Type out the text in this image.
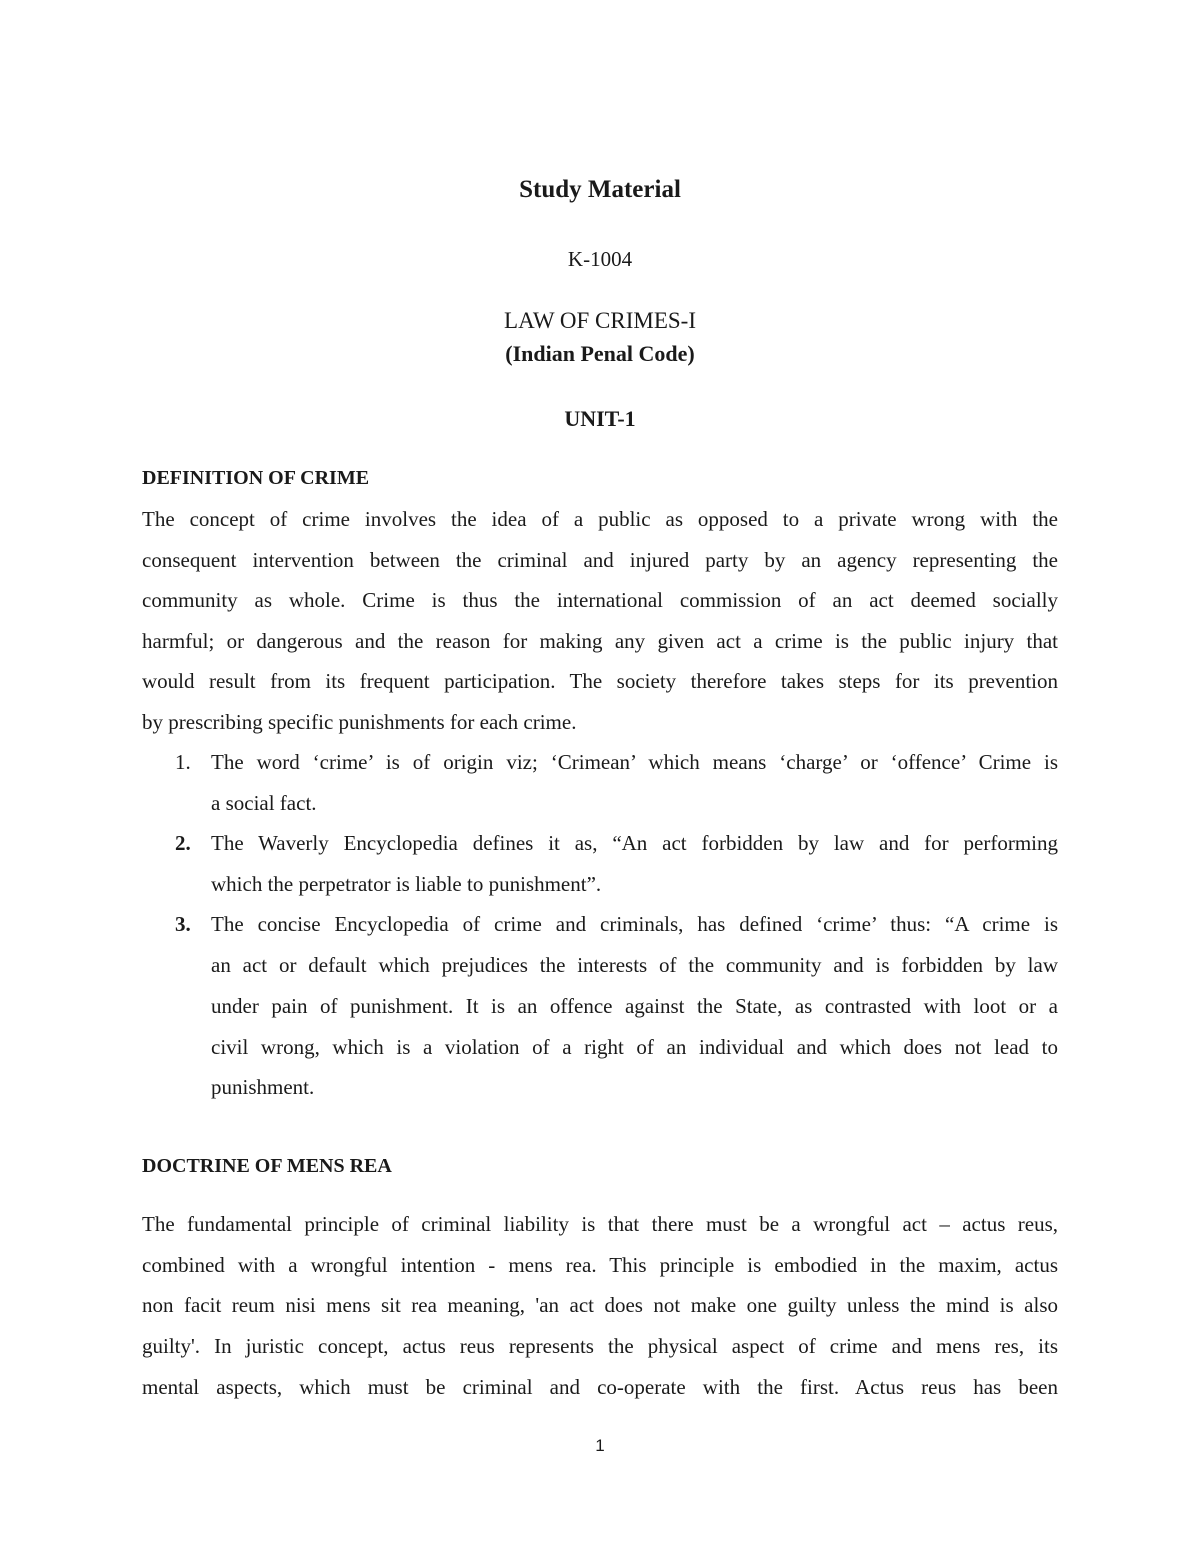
Study Material
K-1004
LAW OF CRIMES-I
(Indian Penal Code)
UNIT-1
DEFINITION OF CRIME
The concept of crime involves the idea of a public as opposed to a private wrong with the
consequent intervention between the criminal and injured party by an agency representing the
community as whole. Crime is thus the international commission of an act deemed socially
harmful; or dangerous and the reason for making any given act a crime is the public injury that
would result from its frequent participation. The society therefore takes steps for its prevention
by prescribing specific punishments for each crime.
1. The word ‘crime’ is of origin viz; ‘Crimean’ which means ‘charge’ or ‘offence’ Crime is
a social fact.
2. The Waverly Encyclopedia defines it as, “An act forbidden by law and for performing
which the perpetrator is liable to punishment”.
3. The concise Encyclopedia of crime and criminals, has defined ‘crime’ thus: “A crime is
an act or default which prejudices the interests of the community and is forbidden by law
under pain of punishment. It is an offence against the State, as contrasted with loot or a
civil wrong, which is a violation of a right of an individual and which does not lead to
punishment.
DOCTRINE OF MENS REA
The fundamental principle of criminal liability is that there must be a wrongful act – actus reus,
combined with a wrongful intention - mens rea. This principle is embodied in the maxim, actus
non facit reum nisi mens sit rea meaning, 'an act does not make one guilty unless the mind is also
guilty'. In juristic concept, actus reus represents the physical aspect of crime and mens res, its
mental aspects, which must be criminal and co-operate with the first. Actus reus has been
1
